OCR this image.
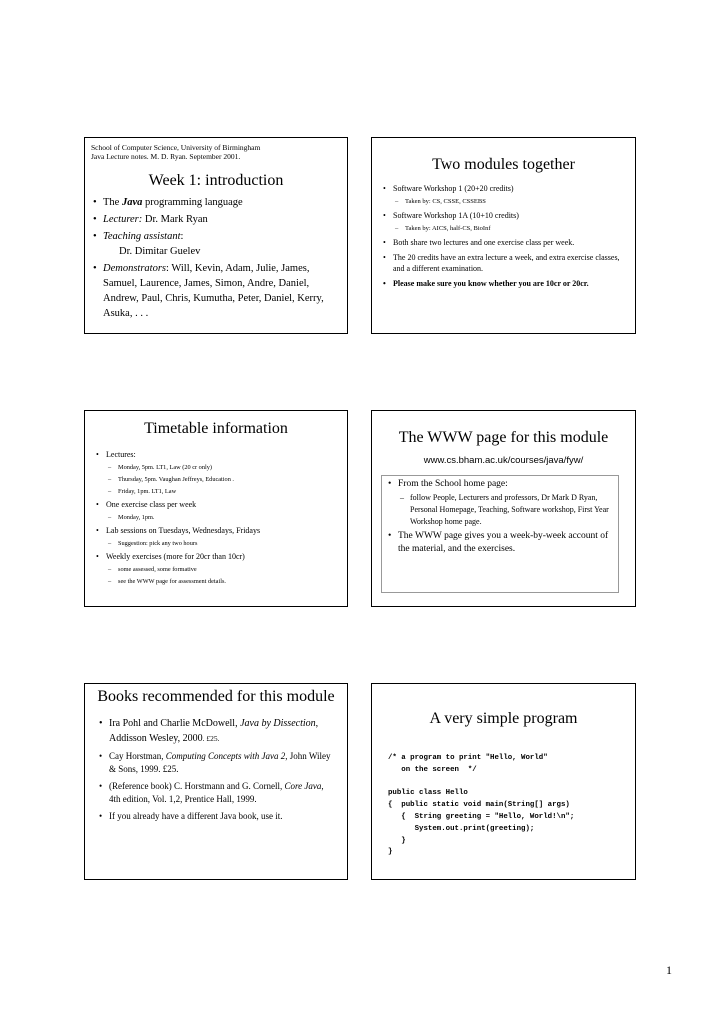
School of Computer Science, University of Birmingham
Java Lecture notes. M. D. Ryan. September 2001.
Week 1: introduction
• The Java programming language
• Lecturer: Dr. Mark Ryan
• Teaching assistant:
Dr. Dimitar Guelev
• Demonstrators: Will, Kevin, Adam, Julie, James, Samuel, Laurence, James, Simon, Andre, Daniel, Andrew, Paul, Chris, Kumutha, Peter, Daniel, Kerry, Asuka, . . .
Two modules together
• Software Workshop 1 (20+20 credits)
– Taken by: CS, CSSE, CSSEBS
• Software Workshop 1A (10+10 credits)
– Taken by: AICS, half-CS, BioInf
• Both share two lectures and one exercise class per week.
• The 20 credits have an extra lecture a week, and extra exercise classes, and a different examination.
• Please make sure you know whether you are 10cr or 20cr.
Timetable information
• Lectures:
– Monday, 5pm. LT1, Law (20 cr only)
– Thursday, 5pm. Vaughan Jeffreys, Education .
– Friday, 1pm. LT1, Law
• One exercise class per week
– Monday, 1pm.
• Lab sessions on Tuesdays, Wednesdays, Fridays
– Suggestion: pick any two hours
• Weekly exercises (more for 20cr than 10cr)
– some assessed, some formative
– see the WWW page for assessment details.
The WWW page for this module
www.cs.bham.ac.uk/courses/java/fyw/
• From the School home page:
– follow People, Lecturers and professors, Dr Mark D Ryan, Personal Homepage, Teaching, Software workshop, First Year Workshop home page.
• The WWW page gives you a week-by-week account of the material, and the exercises.
Books recommended for this module
• Ira Pohl and Charlie McDowell, Java by Dissection, Addisson Wesley, 2000. £25.
• Cay Horstman, Computing Concepts with Java 2, John Wiley & Sons, 1999. £25.
• (Reference book) C. Horstmann and G. Cornell, Core Java, 4th edition, Vol. 1,2, Prentice Hall, 1999.
• If you already have a different Java book, use it.
A very simple program
/* a program to print "Hello, World"
on the screen  */

public class Hello
{  public static void main(String[] args)
{  String greeting = "Hello, World!\n";
System.out.print(greeting);
}
}
1
